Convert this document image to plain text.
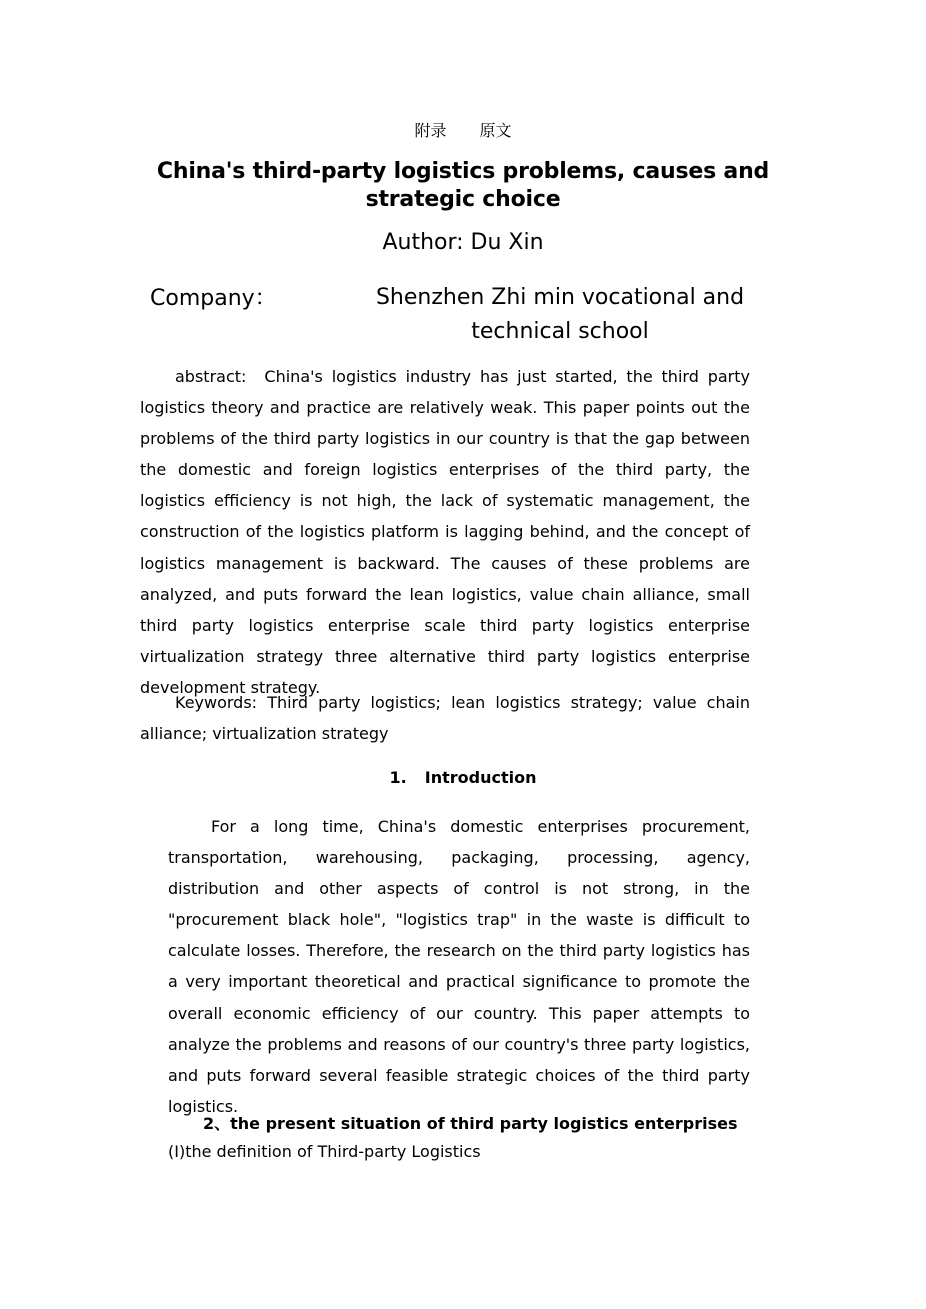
附录 原文
China's third-party logistics problems, causes and strategic choice
Author: Du Xin
Company：	Shenzhen Zhi min vocational and technical school
abstract: China's logistics industry has just started, the third party logistics theory and practice are relatively weak. This paper points out the problems of the third party logistics in our country is that the gap between the domestic and foreign logistics enterprises of the third party, the logistics efficiency is not high, the lack of systematic management, the construction of the logistics platform is lagging behind, and the concept of logistics management is backward. The causes of these problems are analyzed, and puts forward the lean logistics, value chain alliance, small third party logistics enterprise scale third party logistics enterprise virtualization strategy three alternative third party logistics enterprise development strategy.
Keywords: Third party logistics; lean logistics strategy; value chain alliance; virtualization strategy
1. Introduction
For a long time, China's domestic enterprises procurement, transportation, warehousing, packaging, processing, agency, distribution and other aspects of control is not strong, in the "procurement black hole", "logistics trap" in the waste is difficult to calculate losses. Therefore, the research on the third party logistics has a very important theoretical and practical significance to promote the overall economic efficiency of our country. This paper attempts to analyze the problems and reasons of our country's three party logistics, and puts forward several feasible strategic choices of the third party logistics.
2、the present situation of third party logistics enterprises
(Ⅰ)the definition of Third-party Logistics
